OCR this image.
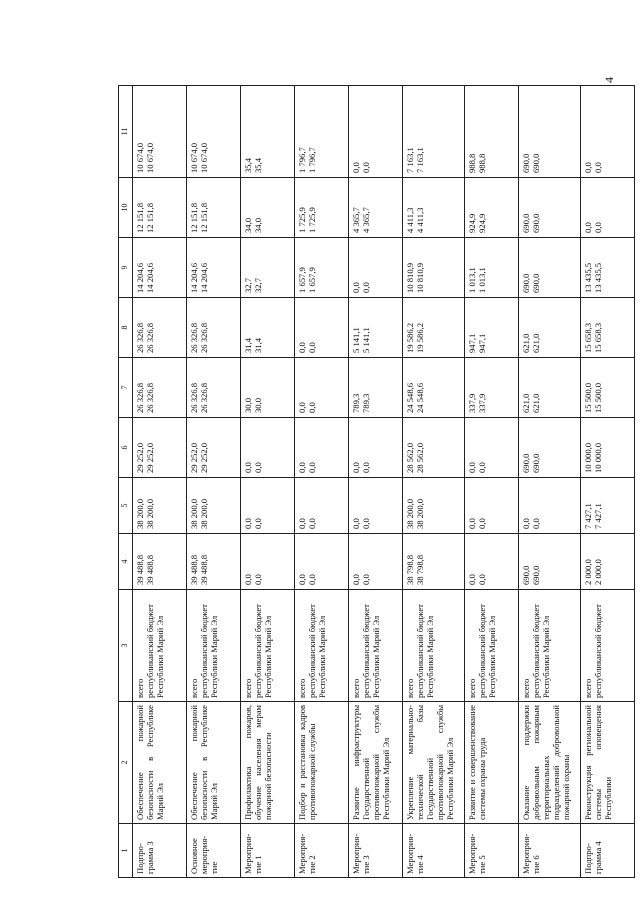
4
1	2	3	4	5	6	7	8	9	10	11
Подпро-грамма 3	Обеспечение пожарной безопасности в Республике Марий Эл	всего республиканский бюджет Республики Марий Эл	39 488,8 39 488,8	38 200,0 38 200,0	29 252,0 29 252,0	26 326,8 26 326,8	26 326,8 26 326,8	14 204,6 14 204,6	12 151,8 12 151,8	10 674,0 10 674,0

Основное мероприя-тие	Обеспечение пожарной безопасности в Республике Марий Эл	всего республиканский бюджет Республики Марий Эл	39 488,8 39 488,8	38 200,0 38 200,0	29 252,0 29 252,0	26 326,8 26 326,8	26 326,8 26 326,8	14 204,6 14 204,6	12 151,8 12 151,8	10 674,0 10 674,0

Мероприя-тие 1	Профилактика пожаров, обучение населения мерам пожарной безопасности	всего республиканский бюджет Республики Марий Эл	0,0 0,0	0,0 0,0	0,0 0,0	30,0 30,0	31,4 31,4	32,7 32,7	34,0 34,0	35,4 35,4

Мероприя-тие 2	Подбор и расстановка кадров противопожарной службы	всего республиканский бюджет Республики Марий Эл	0,0 0,0	0,0 0,0	0,0 0,0	0,0 0,0	0,0 0,0	1 657,9 1 657,9	1 725,9 1 725,9	1 796,7 1 796,7

Мероприя-тие 3	Развитие инфраструктуры Государственной противопожарной службы Республики Марий Эл	всего республиканский бюджет Республики Марий Эл	0,0 0,0	0,0 0,0	0,0 0,0	789,3 789,3	5 141,1 5 141,1	0,0 0,0	4 365,7 4 365,7	0,0 0,0

Мероприя-тие 4	Укрепление материально-технической базы Государственной противопожарной службы Республики Марий Эл	всего республиканский бюджет Республики Марий Эл	38 798,8 38 798,8	38 200,0 38 200,0	28 562,0 28 562,0	24 548,6 24 548,6	19 586,2 19 586,2	10 810,9 10 810,9	4 411,3 4 411,3	7 163,1 7 163,1

Мероприя-тие 5	Развитие и совершенствование системы охраны труда	всего республиканский бюджет Республики Марий Эл	0,0 0,0	0,0 0,0	0,0 0,0	337,9 337,9	947,1 947,1	1 013,1 1 013,1	924,9 924,9	988,8 988,8

Мероприя-тие 6	Оказание поддержки добровольным пожарным территориальных подразделений добровольной пожарной охраны	всего республиканский бюджет Республики Марий Эл	690,0 690,0	0,0 0,0	690,0 690,0	621,0 621,0	621,0 621,0	690,0 690,0	690,0 690,0	690,0 690,0

Подпро-грамма 4	Реконструкция региональной системы оповещения Республики	всего республиканский бюджет	2 000,0 2 000,0	7 427,1 7 427,1	10 000,0 10 000,0	15 500,0 15 500,0	15 658,3 15 658,3	13 435,5 13 435,5	0,0 0,0	0,0 0,0
